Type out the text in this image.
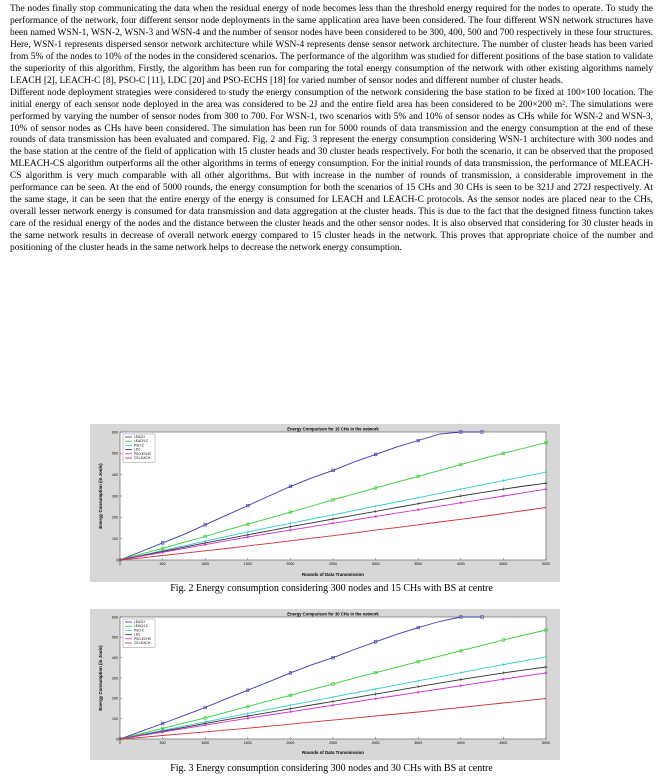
The nodes finally stop communicating the data when the residual energy of node becomes less than the threshold energy required for the nodes to operate. To study the performance of the network, four different sensor node deployments in the same application area have been considered. The four different WSN network structures have been named WSN-1, WSN-2, WSN-3 and WSN-4 and the number of sensor nodes have been considered to be 300, 400, 500 and 700 respectively in these four structures. Here, WSN-1 represents dispersed sensor network architecture while WSN-4 represents dense sensor network architecture. The number of cluster heads has been varied from 5% of the nodes to 10% of the nodes in the considered scenarios. The performance of the algorithm was studied for different positions of the base station to validate the superiority of this algorithm. Firstly, the algorithm has been run for comparing the total energy consumption of the network with other existing algorithms namely LEACH [2], LEACH-C [8], PSO-C [11], LDC [20] and PSO-ECHS [18] for varied number of sensor nodes and different number of cluster heads.

Different node deployment strategies were considered to study the energy consumption of the network considering the base station to be fixed at 100×100 location. The initial energy of each sensor node deployed in the area was considered to be 2J and the entire field area has been considered to be 200×200 m². The simulations were performed by varying the number of sensor nodes from 300 to 700. For WSN-1, two scenarios with 5% and 10% of sensor nodes as CHs while for WSN-2 and WSN-3, 10% of sensor nodes as CHs have been considered. The simulation has been run for 5000 rounds of data transmission and the energy consumption at the end of these rounds of data transmission has been evaluated and compared. Fig. 2 and Fig. 3 represent the energy consumption considering WSN-1 architecture with 300 nodes and the base station at the centre of the field of application with 15 cluster heads and 30 cluster heads respectively. For both the scenario, it can be observed that the proposed MLEACH-CS algorithm outperforms all the other algorithms in terms of energy consumption. For the initial rounds of data transmission, the performance of MLEACH-CS algorithm is very much comparable with all other algorithms. But with increase in the number of rounds of transmission, a considerable improvement in the performance can be seen. At the end of 5000 rounds, the energy consumption for both the scenarios of 15 CHs and 30 CHs is seen to be 321J and 272J respectively. At the same stage, it can be seen that the entire energy of the energy is consumed for LEACH and LEACH-C protocols. As the sensor nodes are placed near to the CHs, overall lesser network energy is consumed for data transmission and data aggregation at the cluster heads. This is due to the fact that the designed fitness function takes care of the residual energy of the nodes and the distance between the cluster heads and the other sensor nodes. It is also observed that considering for 30 cluster heads in the same network results in decrease of overall network energy compared to 15 cluster heads in the network. This proves that appropriate choice of the number and positioning of the cluster heads in the same network helps to decrease the network energy consumption.

Energy Comparison for 15 CHs in the network
0	500	1000	1500	2000	2500	3000	3500	4000	4500	5000
0
100
200
300
400
500
600
Rounds of Data Transmission
Energy Consumption (in Joule)
LEACH
LEACH-C
PSO-C
LDC
PSO-ECHS
CS-LEACH
Fig. 2 Energy consumption considering 300 nodes and 15 CHs with BS at centre
Energy Comparison for 30 CHs in the network
0	500	1000	1500	2000	2500	3000	3500	4000	4500	5000
0
100
200
300
400
500
600
Rounds of Data Transmission
Energy Consumption (in Joule)
LEACH
LEACH-C
PSO-C
LDC
PSO-ECHS
CS-LEACH
Fig. 3 Energy consumption considering 300 nodes and 30 CHs with BS at centre
